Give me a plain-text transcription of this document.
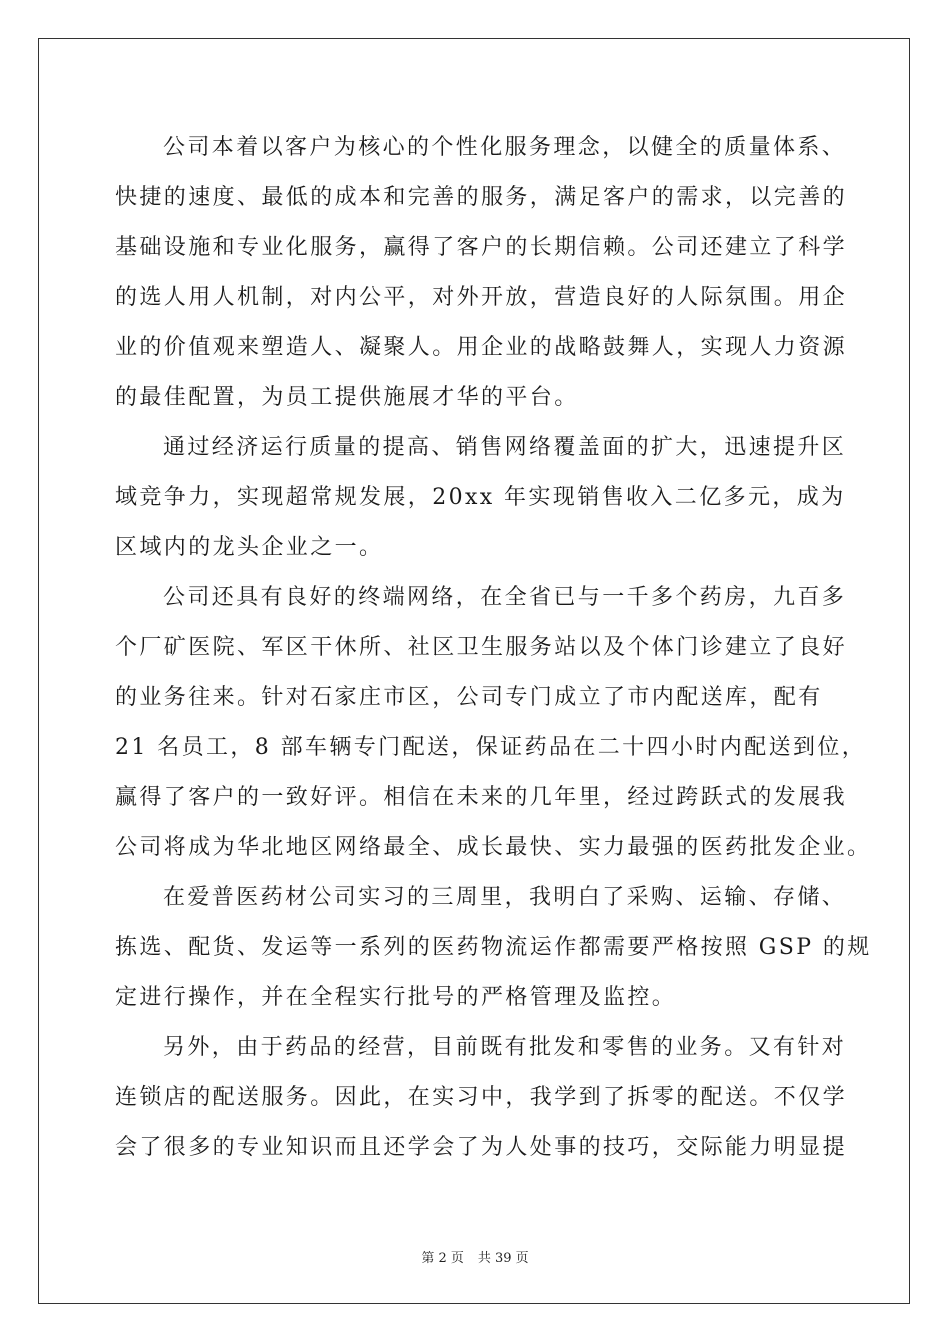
公司本着以客户为核心的个性化服务理念，以健全的质量体系、
快捷的速度、最低的成本和完善的服务，满足客户的需求，以完善的
基础设施和专业化服务，赢得了客户的长期信赖。公司还建立了科学
的选人用人机制，对内公平，对外开放，营造良好的人际氛围。用企
业的价值观来塑造人、凝聚人。用企业的战略鼓舞人，实现人力资源
的最佳配置，为员工提供施展才华的平台。
通过经济运行质量的提高、销售网络覆盖面的扩大，迅速提升区
域竞争力，实现超常规发展，20xx 年实现销售收入二亿多元，成为
区域内的龙头企业之一。
公司还具有良好的终端网络，在全省已与一千多个药房，九百多
个厂矿医院、军区干休所、社区卫生服务站以及个体门诊建立了良好
的业务往来。针对石家庄市区，公司专门成立了市内配送库，配有
21 名员工，8 部车辆专门配送，保证药品在二十四小时内配送到位，
赢得了客户的一致好评。相信在未来的几年里，经过跨跃式的发展我
公司将成为华北地区网络最全、成长最快、实力最强的医药批发企业。
在爱普医药材公司实习的三周里，我明白了采购、运输、存储、
拣选、配货、发运等一系列的医药物流运作都需要严格按照 GSP 的规
定进行操作，并在全程实行批号的严格管理及监控。
另外，由于药品的经营，目前既有批发和零售的业务。又有针对
连锁店的配送服务。因此，在实习中，我学到了拆零的配送。不仅学
会了很多的专业知识而且还学会了为人处事的技巧，交际能力明显提
第 2 页 共 39 页
